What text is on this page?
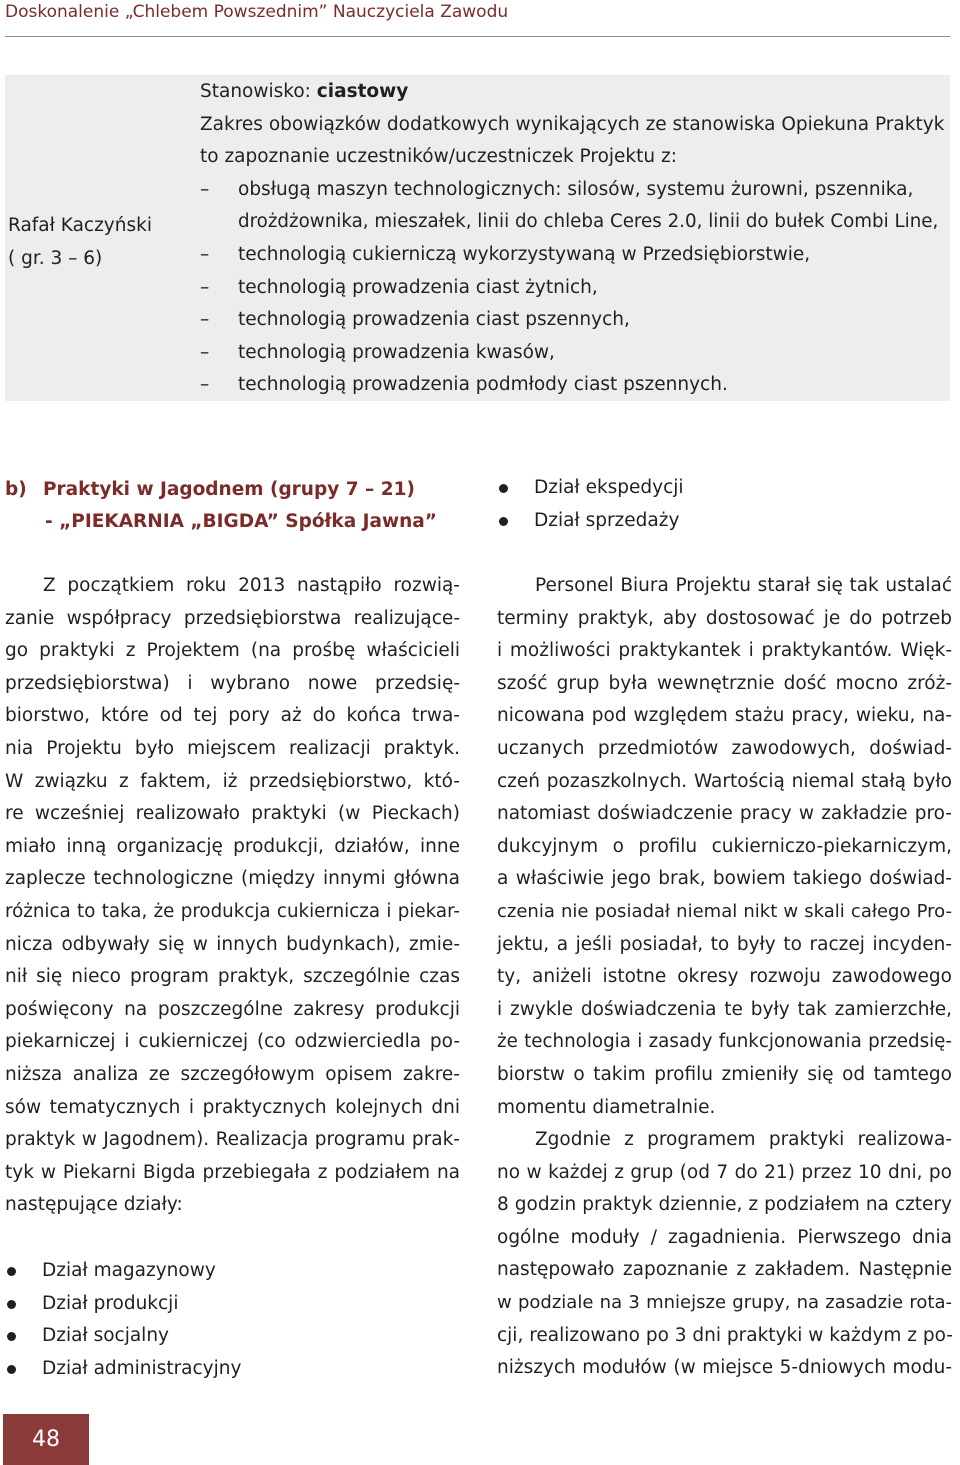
Doskonalenie „Chlebem Powszednim” Nauczyciela Zawodu
Rafał Kaczyński
( gr. 3 – 6)
Stanowisko: ciastowy
Zakres obowiązków dodatkowych wynikających ze stanowiska Opiekuna Praktyk
to zapoznanie uczestników/uczestniczek Projektu z:
– obsługą maszyn technologicznych: silosów, systemu żurowni, pszennika,
drożdżownika, mieszałek, linii do chleba Ceres 2.0, linii do bułek Combi Line,
– technologią cukierniczą wykorzystywaną w Przedsiębiorstwie,
– technologią prowadzenia ciast żytnich,
– technologią prowadzenia ciast pszennych,
– technologią prowadzenia kwasów,
– technologią prowadzenia podmłody ciast pszennych.
b) Praktyki w Jagodnem (grupy 7 – 21)
- „PIEKARNIA „BIGDA” Spółka Jawna”
Dział ekspedycji
Dział sprzedaży
Z początkiem roku 2013 nastąpiło rozwią-
zanie współpracy przedsiębiorstwa realizujące-
go praktyki z Projektem (na prośbę właścicieli
przedsiębiorstwa) i wybrano nowe przedsię-
biorstwo, które od tej pory aż do końca trwa-
nia Projektu było miejscem realizacji praktyk.
W związku z faktem, iż przedsiębiorstwo, któ-
re wcześniej realizowało praktyki (w Pieckach)
miało inną organizację produkcji, działów, inne
zaplecze technologiczne (między innymi główna
różnica to taka, że produkcja cukiernicza i piekar-
nicza odbywały się w innych budynkach), zmie-
nił się nieco program praktyk, szczególnie czas
poświęcony na poszczególne zakresy produkcji
piekarniczej i cukierniczej (co odzwierciedla po-
niższa analiza ze szczegółowym opisem zakre-
sów tematycznych i praktycznych kolejnych dni
praktyk w Jagodnem). Realizacja programu prak-
tyk w Piekarni Bigda przebiegała z podziałem na
następujące działy:
Dział magazynowy
Dział produkcji
Dział socjalny
Dział administracyjny
Personel Biura Projektu starał się tak ustalać
terminy praktyk, aby dostosować je do potrzeb
i możliwości praktykantek i praktykantów. Więk-
szość grup była wewnętrznie dość mocno zróż-
nicowana pod względem stażu pracy, wieku, na-
uczanych przedmiotów zawodowych, doświad-
czeń pozaszkolnych. Wartością niemal stałą było
natomiast doświadczenie pracy w zakładzie pro-
dukcyjnym o profilu cukierniczo-piekarniczym,
a właściwie jego brak, bowiem takiego doświad-
czenia nie posiadał niemal nikt w skali całego Pro-
jektu, a jeśli posiadał, to były to raczej incyden-
ty, aniżeli istotne okresy rozwoju zawodowego
i zwykle doświadczenia te były tak zamierzchłe,
że technologia i zasady funkcjonowania przedsię-
biorstw o takim profilu zmieniły się od tamtego
momentu diametralnie.
Zgodnie z programem praktyki realizowa-
no w każdej z grup (od 7 do 21) przez 10 dni, po
8 godzin praktyk dziennie, z podziałem na cztery
ogólne moduły / zagadnienia. Pierwszego dnia
następowało zapoznanie z zakładem. Następnie
w podziale na 3 mniejsze grupy, na zasadzie rota-
cji, realizowano po 3 dni praktyki w każdym z po-
niższych modułów (w miejsce 5-dniowych modu-
48
